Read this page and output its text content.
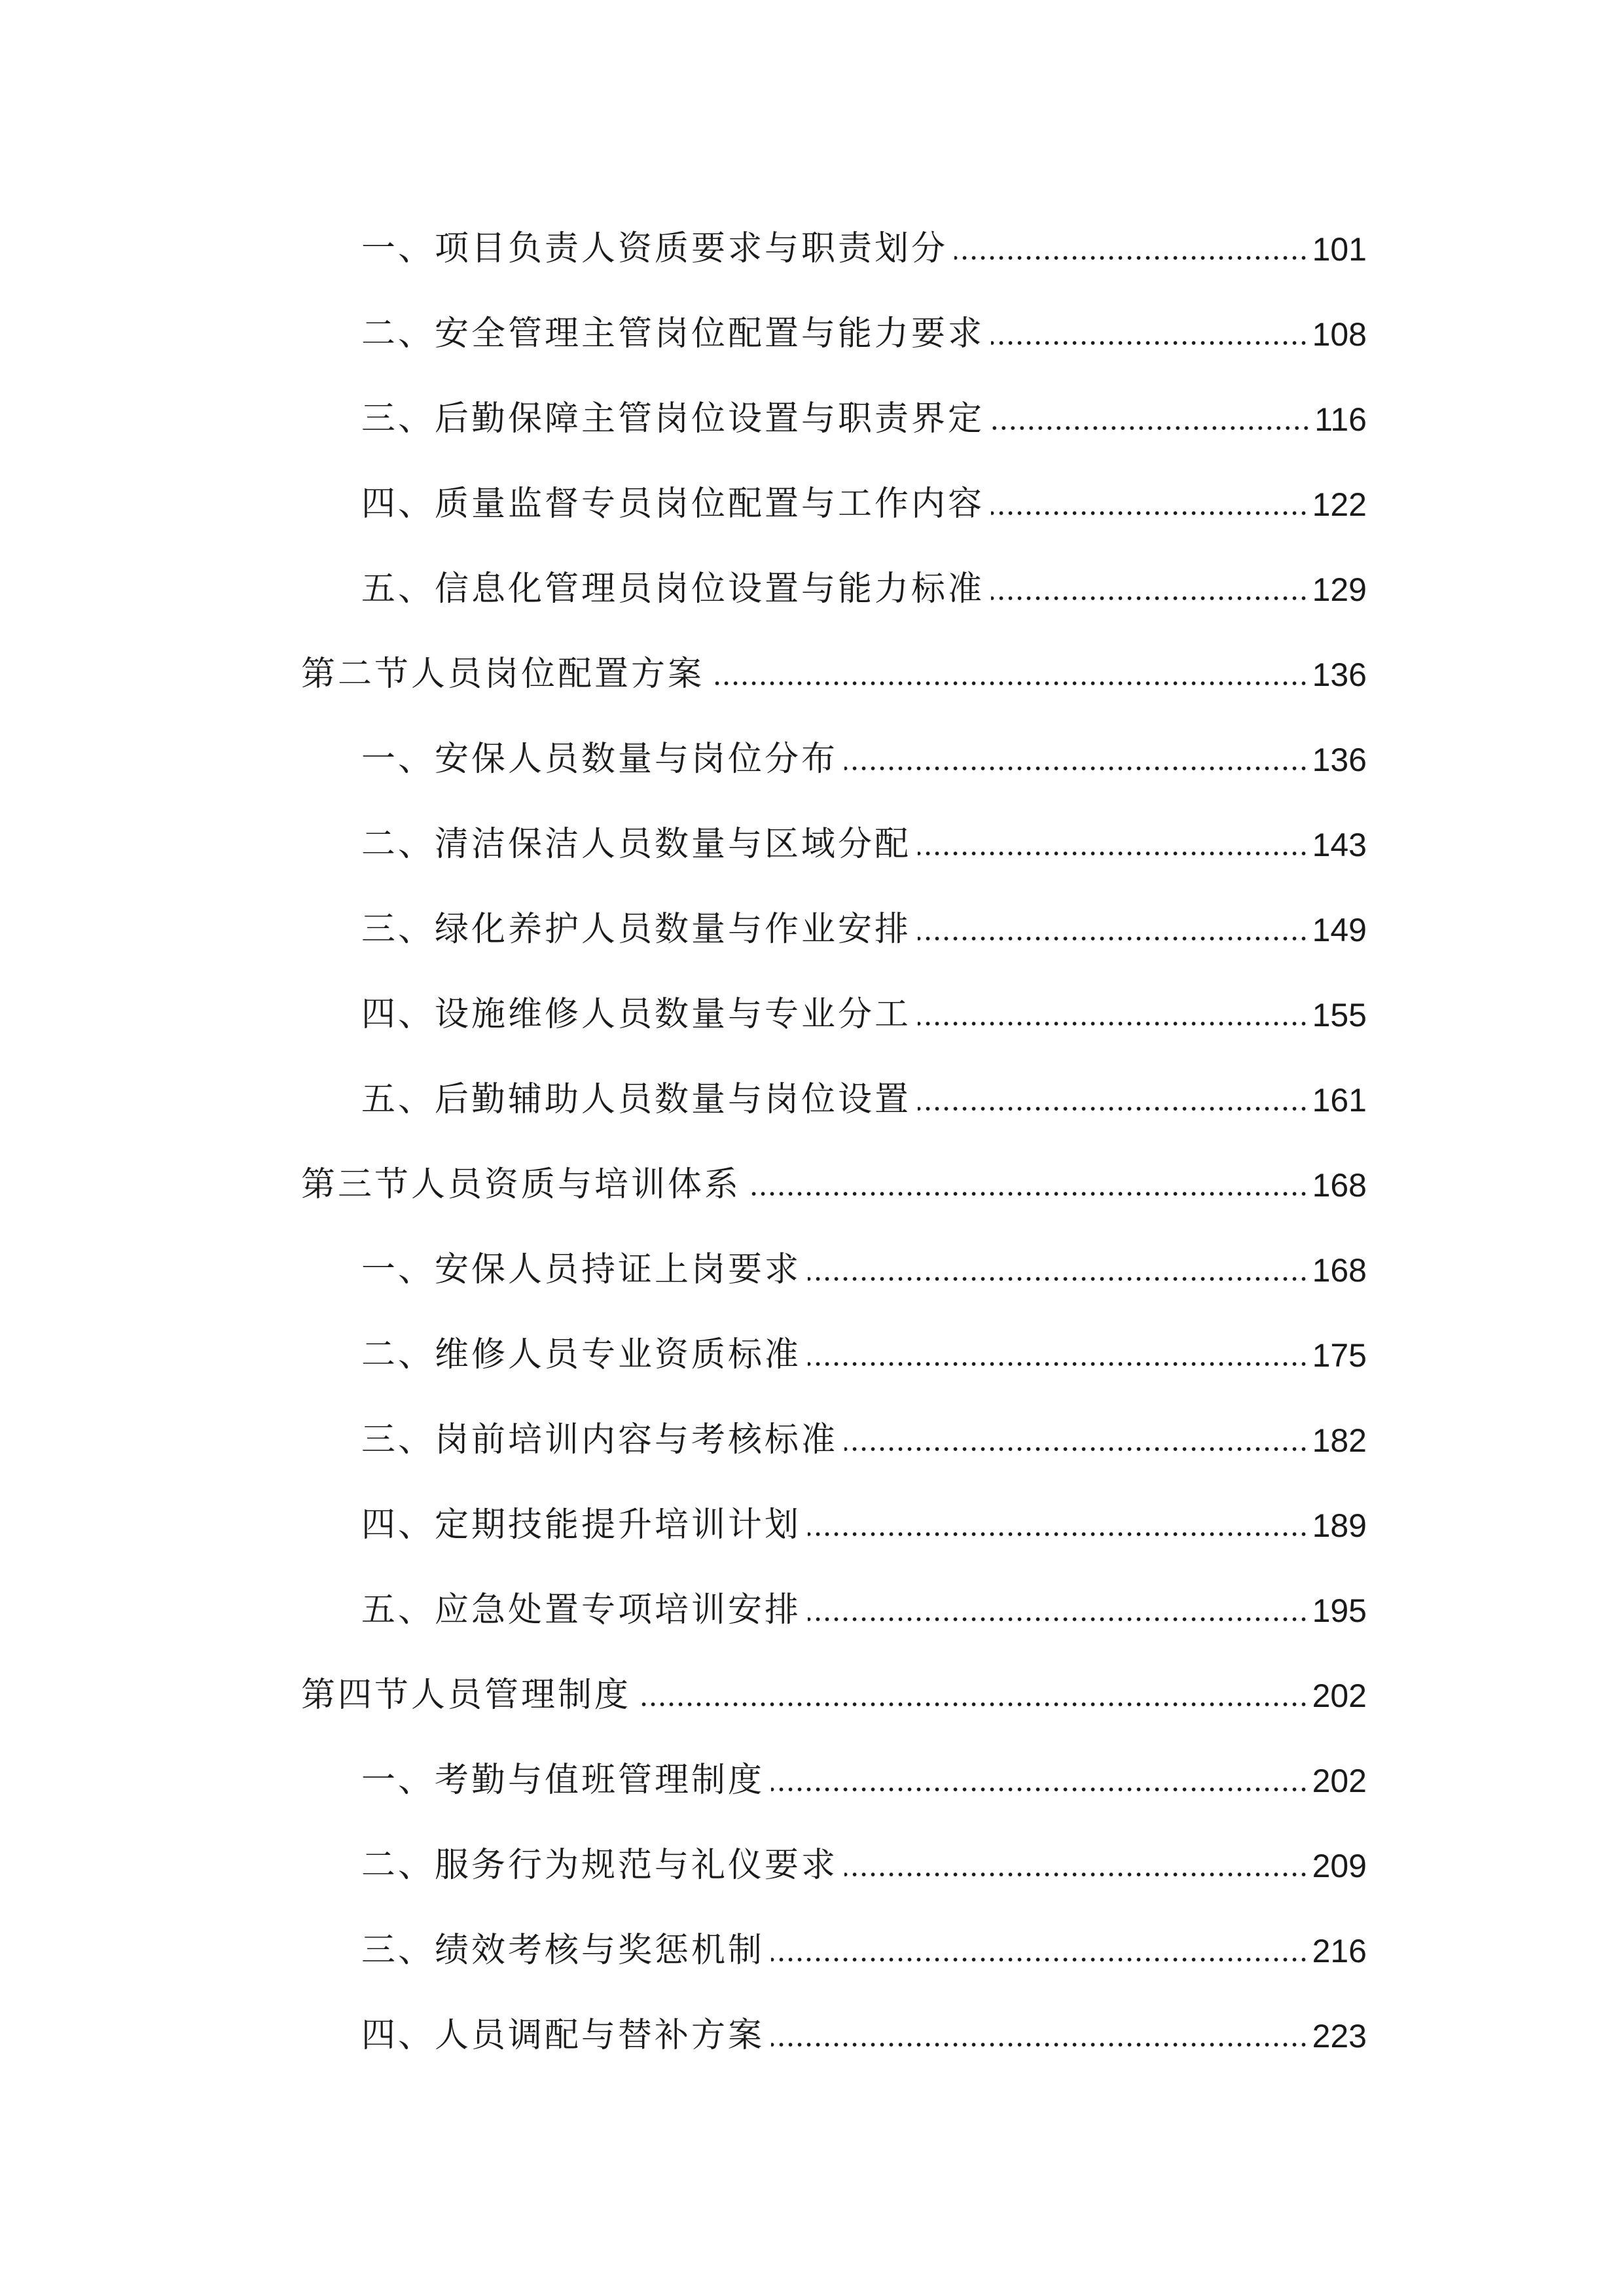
一、项目负责人资质要求与职责划分	101
二、安全管理主管岗位配置与能力要求	108
三、后勤保障主管岗位设置与职责界定	116
四、质量监督专员岗位配置与工作内容	122
五、信息化管理员岗位设置与能力标准	129
第二节人员岗位配置方案	136
一、安保人员数量与岗位分布	136
二、清洁保洁人员数量与区域分配	143
三、绿化养护人员数量与作业安排	149
四、设施维修人员数量与专业分工	155
五、后勤辅助人员数量与岗位设置	161
第三节人员资质与培训体系	168
一、安保人员持证上岗要求	168
二、维修人员专业资质标准	175
三、岗前培训内容与考核标准	182
四、定期技能提升培训计划	189
五、应急处置专项培训安排	195
第四节人员管理制度	202
一、考勤与值班管理制度	202
二、服务行为规范与礼仪要求	209
三、绩效考核与奖惩机制	216
四、人员调配与替补方案	223
